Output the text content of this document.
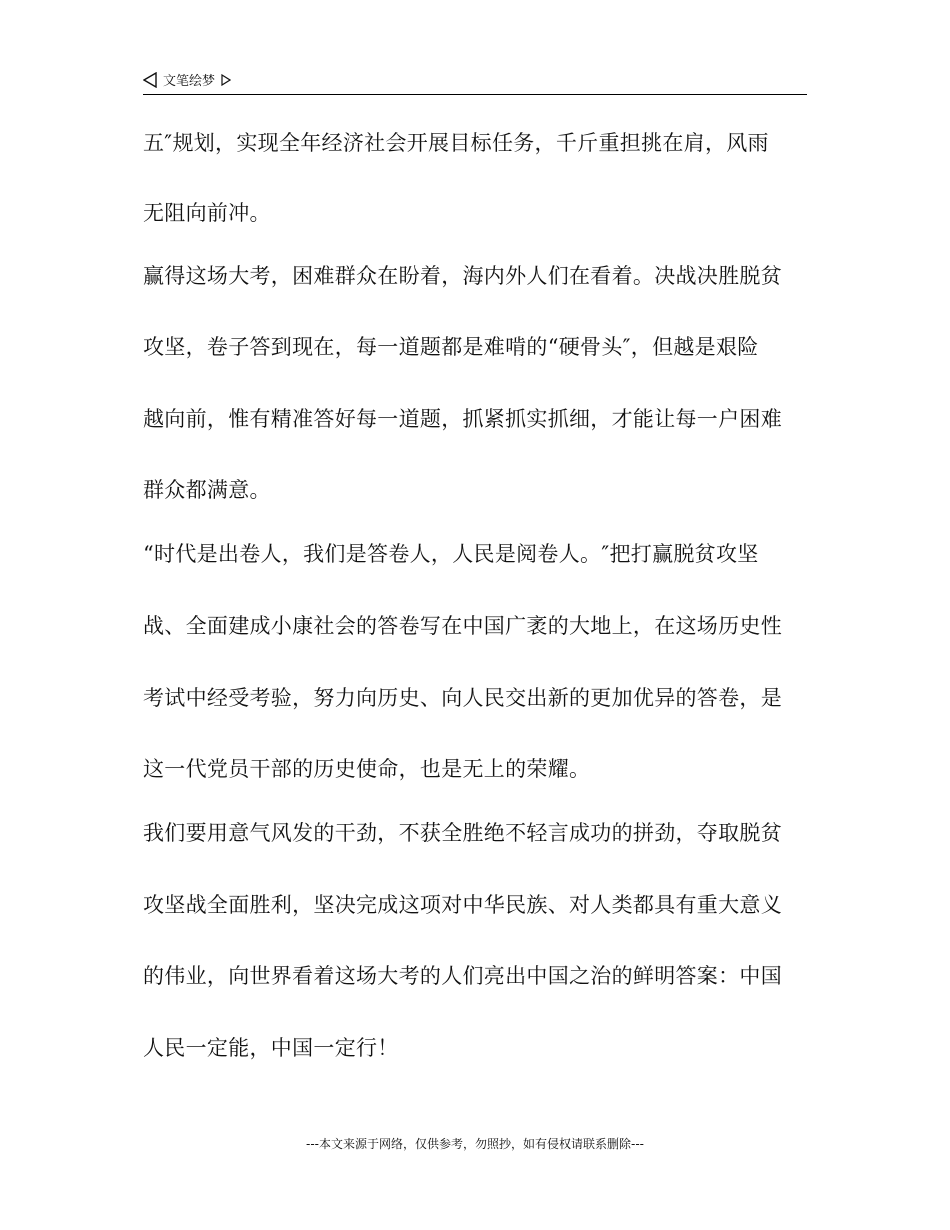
文笔绘梦
五″规划，实现全年经济社会开展目标任务，千斤重担挑在肩，风雨
无阻向前冲。
赢得这场大考，困难群众在盼着，海内外人们在看着。决战决胜脱贫
攻坚，卷子答到现在，每一道题都是难啃的“硬骨头″，但越是艰险
越向前，惟有精准答好每一道题，抓紧抓实抓细，才能让每一户困难
群众都满意。
“时代是出卷人，我们是答卷人，人民是阅卷人。″把打赢脱贫攻坚
战、全面建成小康社会的答卷写在中国广袤的大地上，在这场历史性
考试中经受考验，努力向历史、向人民交出新的更加优异的答卷，是
这一代党员干部的历史使命，也是无上的荣耀。
我们要用意气风发的干劲，不获全胜绝不轻言成功的拼劲，夺取脱贫
攻坚战全面胜利，坚决完成这项对中华民族、对人类都具有重大意义
的伟业，向世界看着这场大考的人们亮出中国之治的鲜明答案：中国
人民一定能，中国一定行！
---本文来源于网络，仅供参考，勿照抄，如有侵权请联系删除---
